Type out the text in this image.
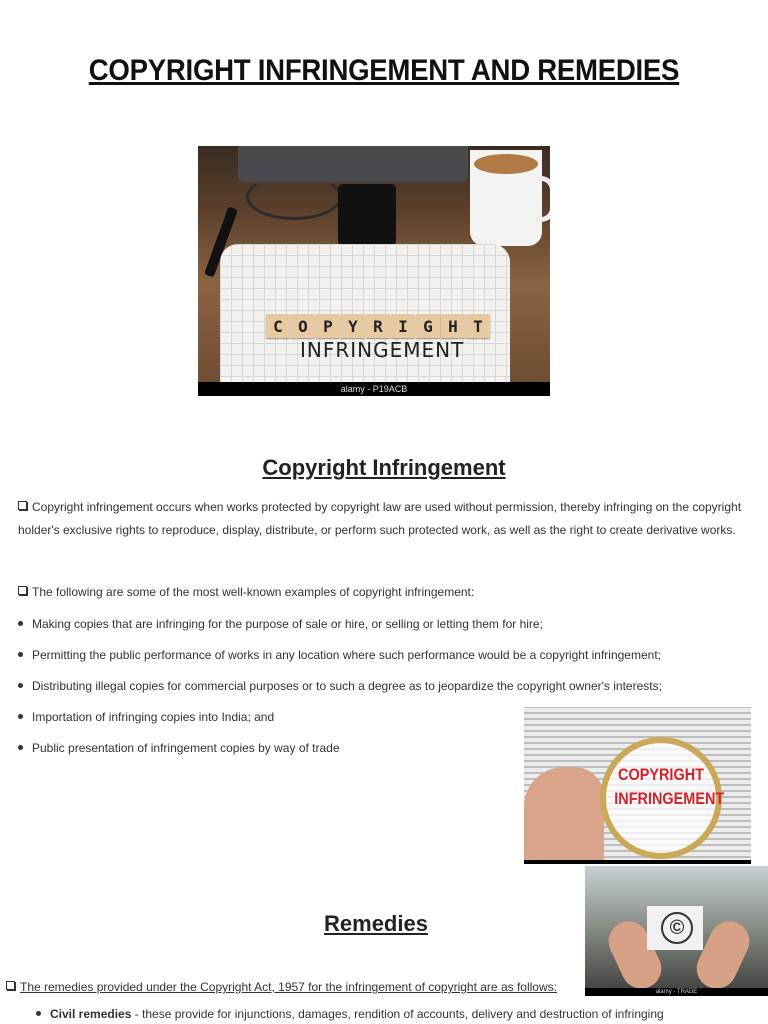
COPYRIGHT INFRINGEMENT AND REMEDIES
C O P Y R I G H T
INFRINGEMENT
alamy - P19ACB
Copyright Infringement
Copyright infringement occurs when works protected by copyright law are used without permission, thereby infringing on the copyright holder's exclusive rights to reproduce, display, distribute, or perform such protected work, as well as the right to create derivative works.
The following are some of the most well-known examples of copyright infringement:
Making copies that are infringing for the purpose of sale or hire, or selling or letting them for hire;
Permitting the public performance of works in any location where such performance would be a copyright infringement;
Distributing illegal copies for commercial purposes or to such a degree as to jeopardize the copyright owner's interests;
Importation of infringing copies into India; and
Public presentation of infringement copies by way of trade
COPYRIGHT
INFRINGEMENT
©
alamy - TRADE
Remedies
The remedies provided under the Copyright Act, 1957 for the infringement of copyright are as follows:
Civil remedies - these provide for injunctions, damages, rendition of accounts, delivery and destruction of infringing
